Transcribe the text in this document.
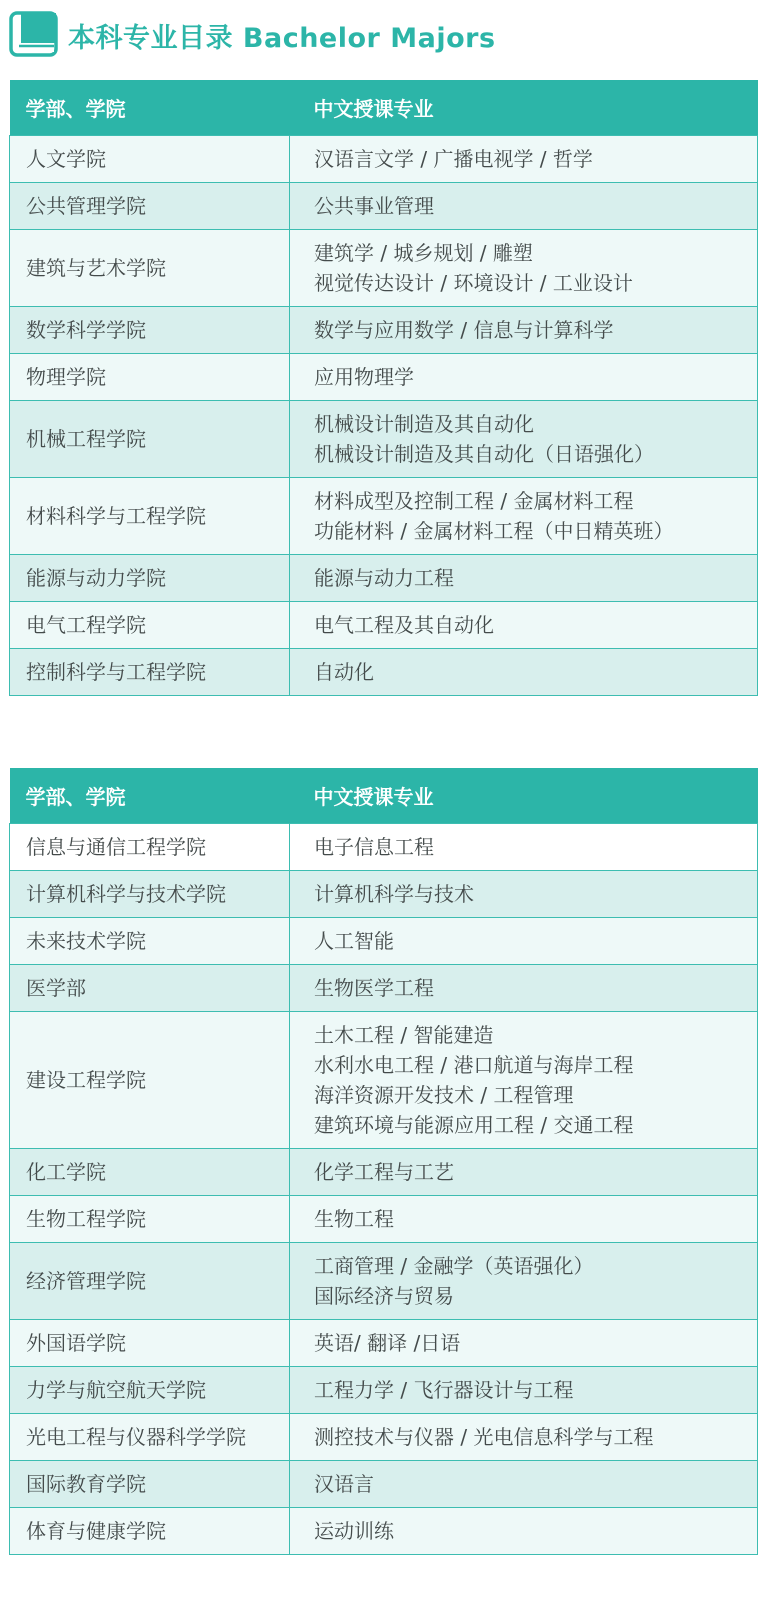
本科专业目录 Bachelor Majors
学部、学院	中文授课专业
人文学院	汉语言文学 / 广播电视学 / 哲学

公共管理学院	公共事业管理

建筑与艺术学院	建筑学 / 城乡规划 / 雕塑
视觉传达设计 / 环境设计 / 工业设计

数学科学学院	数学与应用数学 / 信息与计算科学

物理学院	应用物理学

机械工程学院	机械设计制造及其自动化
机械设计制造及其自动化（日语强化）

材料科学与工程学院	材料成型及控制工程 / 金属材料工程
功能材料 / 金属材料工程（中日精英班）

能源与动力学院	能源与动力工程

电气工程学院	电气工程及其自动化

控制科学与工程学院	自动化
学部、学院	中文授课专业
信息与通信工程学院	电子信息工程

计算机科学与技术学院	计算机科学与技术

未来技术学院	人工智能

医学部	生物医学工程

建设工程学院	土木工程 / 智能建造
水利水电工程 / 港口航道与海岸工程
海洋资源开发技术 / 工程管理
建筑环境与能源应用工程 / 交通工程

化工学院	化学工程与工艺

生物工程学院	生物工程

经济管理学院	工商管理 / 金融学（英语强化）
国际经济与贸易

外国语学院	英语/ 翻译 /日语

力学与航空航天学院	工程力学 / 飞行器设计与工程

光电工程与仪器科学学院	测控技术与仪器 / 光电信息科学与工程

国际教育学院	汉语言

体育与健康学院	运动训练
